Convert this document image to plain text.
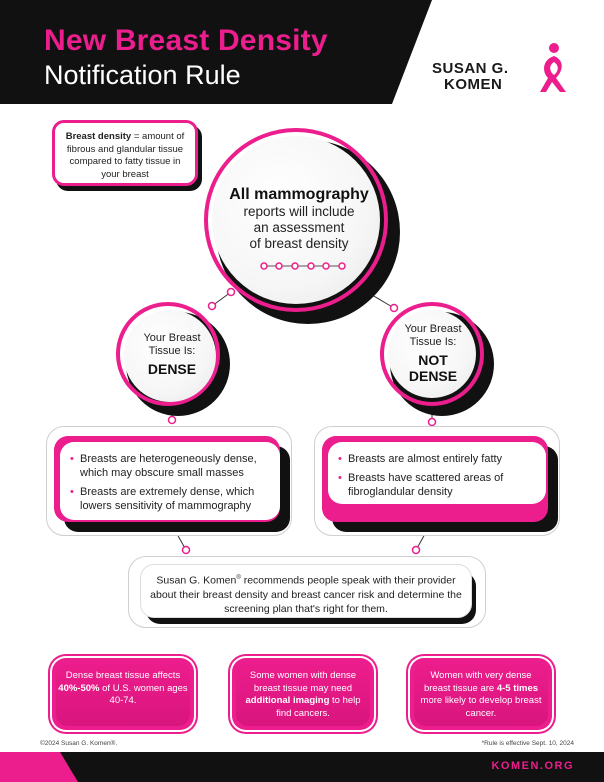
New Breast Density
Notification Rule	SUSAN G.
KOMEN
Breast density = amount of fibrous and glandular tissue compared to fatty tissue in your breast
All mammography
reports will include
an assessment
of breast density
Your Breast
Tissue Is:
DENSE
Your Breast
Tissue Is:
NOT
DENSE
• Breasts are heterogeneously dense, which may obscure small masses
• Breasts are extremely dense, which lowers sensitivity of mammography
• Breasts are almost entirely fatty
• Breasts have scattered areas of fibroglandular density
Susan G. Komen® recommends people speak with their provider about their breast density and breast cancer risk and determine the screening plan that's right for them.
Dense breast tissue affects 40%-50% of U.S. women ages 40-74.
Some women with dense breast tissue may need additional imaging to help find cancers.
Women with very dense breast tissue are 4-5 times more likely to develop breast cancer.
©2024 Susan G. Komen®.	*Rule is effective Sept. 10, 2024
KOMEN.ORG
